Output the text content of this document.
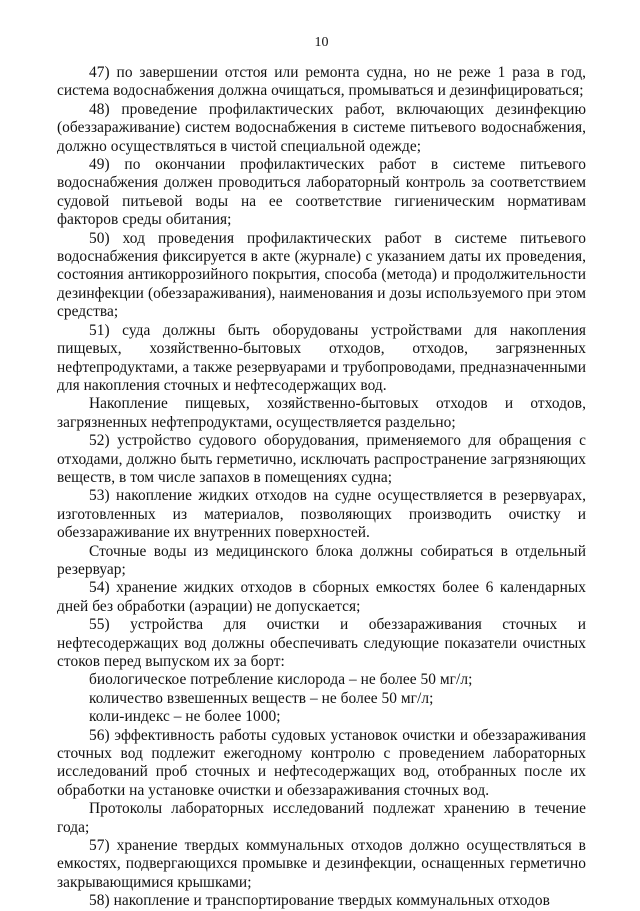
10

47) по завершении отстоя или ремонта судна, но не реже 1 раза в год, система водоснабжения должна очищаться, промываться и дезинфицироваться;

48) проведение профилактических работ, включающих дезинфекцию (обеззараживание) систем водоснабжения в системе питьевого водоснабжения, должно осуществляться в чистой специальной одежде;

49) по окончании профилактических работ в системе питьевого водоснабжения должен проводиться лабораторный контроль за соответствием судовой питьевой воды на ее соответствие гигиеническим нормативам факторов среды обитания;

50) ход проведения профилактических работ в системе питьевого водоснабжения фиксируется в акте (журнале) с указанием даты их проведения, состояния антикоррозийного покрытия, способа (метода) и продолжительности дезинфекции (обеззараживания), наименования и дозы используемого при этом средства;

51) суда должны быть оборудованы устройствами для накопления пищевых, хозяйственно-бытовых отходов, отходов, загрязненных нефтепродуктами, а также резервуарами и трубопроводами, предназначенными для накопления сточных и нефтесодержащих вод.

Накопление пищевых, хозяйственно-бытовых отходов и отходов, загрязненных нефтепродуктами, осуществляется раздельно;

52) устройство судового оборудования, применяемого для обращения с отходами, должно быть герметично, исключать распространение загрязняющих веществ, в том числе запахов в помещениях судна;

53) накопление жидких отходов на судне осуществляется в резервуарах, изготовленных из материалов, позволяющих производить очистку и обеззараживание их внутренних поверхностей.

Сточные воды из медицинского блока должны собираться в отдельный резервуар;

54) хранение жидких отходов в сборных емкостях более 6 календарных дней без обработки (аэрации) не допускается;

55) устройства для очистки и обеззараживания сточных и нефтесодержащих вод должны обеспечивать следующие показатели очистных стоков перед выпуском их за борт:

биологическое потребление кислорода – не более 50 мг/л;

количество взвешенных веществ – не более 50 мг/л;

коли-индекс – не более 1000;

56) эффективность работы судовых установок очистки и обеззараживания сточных вод подлежит ежегодному контролю с проведением лабораторных исследований проб сточных и нефтесодержащих вод, отобранных после их обработки на установке очистки и обеззараживания сточных вод.

Протоколы лабораторных исследований подлежат хранению в течение года;

57) хранение твердых коммунальных отходов должно осуществляться в емкостях, подвергающихся промывке и дезинфекции, оснащенных герметично закрывающимися крышками;

58) накопление и транспортирование твердых коммунальных отходов
